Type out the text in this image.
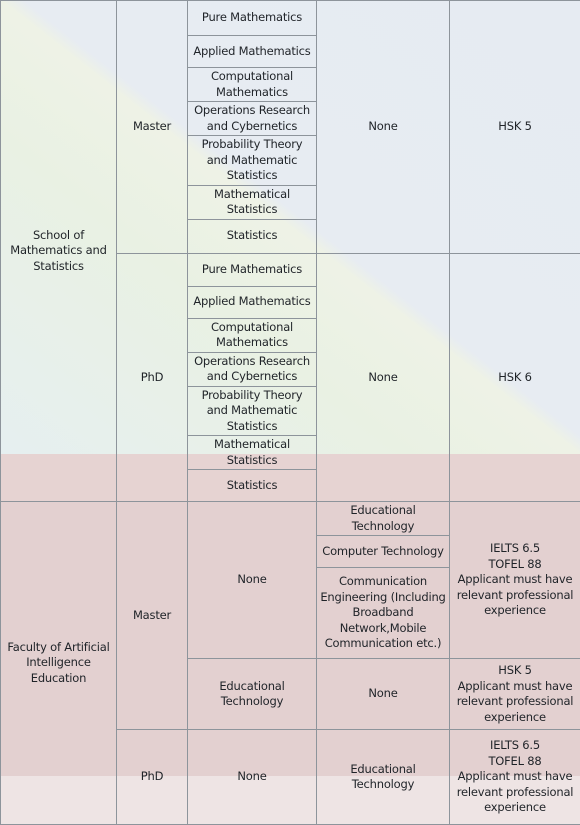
School of Mathematics and Statistics	Master	Pure Mathematics	None	HSK 5
		Applied Mathematics		
		Computational Mathematics		
		Operations Research and Cybernetics		
		Probability Theory and Mathematic Statistics		
		Mathematical Statistics		
		Statistics		
	PhD	Pure Mathematics	None	HSK 6
		Applied Mathematics		
		Computational Mathematics		
		Operations Research and Cybernetics		
		Probability Theory and Mathematic Statistics		
		Mathematical Statistics		
		Statistics		
Faculty of Artificial Intelligence Education	Master	None	Educational Technology	IELTS 6.5
TOFEL 88
Applicant must have relevant professional experience

			Computer Technology	
			Communication Engineering (Including Broadband Network,Mobile Communication etc.)	
		Educational Technology	None	HSK 5
Applicant must have relevant professional experience

	PhD	None	Educational Technology	IELTS 6.5
TOFEL 88
Applicant must have relevant professional experience
